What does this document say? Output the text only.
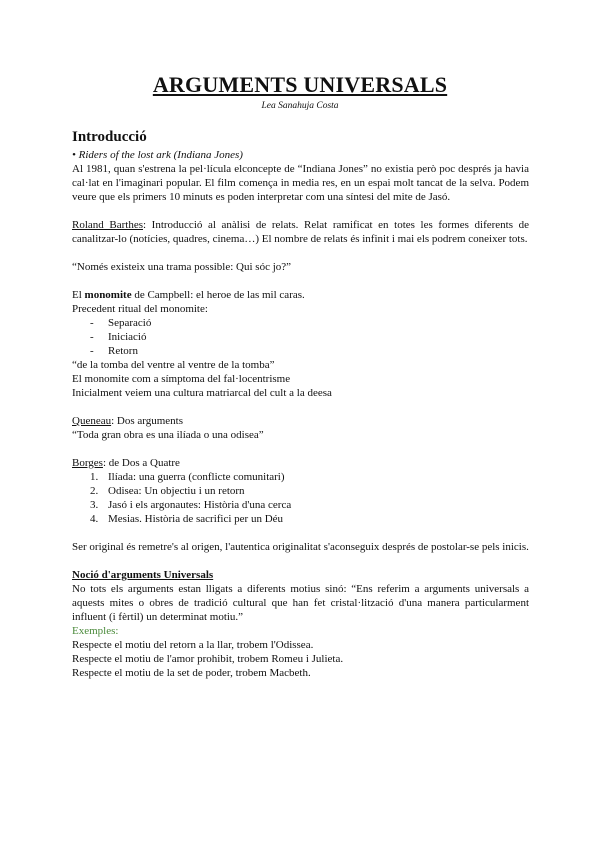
ARGUMENTS UNIVERSALS
Lea Sanahuja Costa
Introducció

• Riders of the lost ark (Indiana Jones)

Al 1981, quan s'estrena la pel·lícula elconcepte de “Indiana Jones” no existia però poc després ja havia cal·lat en l'imaginari popular. El film comença in media res, en un espai molt tancat de la selva. Podem veure que els primers 10 minuts es poden interpretar com una síntesi del mite de Jasó.

Roland Barthes: Introducció al anàlisi de relats. Relat ramificat en totes les formes diferents de canalitzar-lo (notícies, quadres, cinema…) El nombre de relats és infinit i mai els podrem coneixer tots.

“Només existeix una trama possible: Qui sóc jo?”

El monomite de Campbell: el heroe de las mil caras.

Precedent ritual del monomite:

- Separació
- Iniciació
- Retorn

“de la tomba del ventre al ventre de la tomba”

El monomite com a símptoma del fal·locentrisme

Inicialment veiem una cultura matriarcal del cult a la deesa

Queneau: Dos arguments

“Toda gran obra es una ilíada o una odisea”

Borges: de Dos a Quatre

1. Ilíada: una guerra (conflicte comunitari)
2. Odisea: Un objectiu i un retorn
3. Jasó i els argonautes: Història d'una cerca
4. Mesias. Història de sacrifici per un Déu

Ser original és remetre's al origen, l'autentica originalitat s'aconseguix després de postolar-se pels inicis.

Noció d'arguments Universals

No tots els arguments estan lligats a diferents motius sinó: “Ens referim a arguments universals a aquests mites o obres de tradició cultural que han fet cristal·lització d'una manera particularment influent (i fèrtil) un determinat motiu.”

Exemples:

Respecte el motiu del retorn a la llar, trobem l'Odissea.

Respecte el motiu de l'amor prohibit, trobem Romeu i Julieta.

Respecte el motiu de la set de poder, trobem Macbeth.
